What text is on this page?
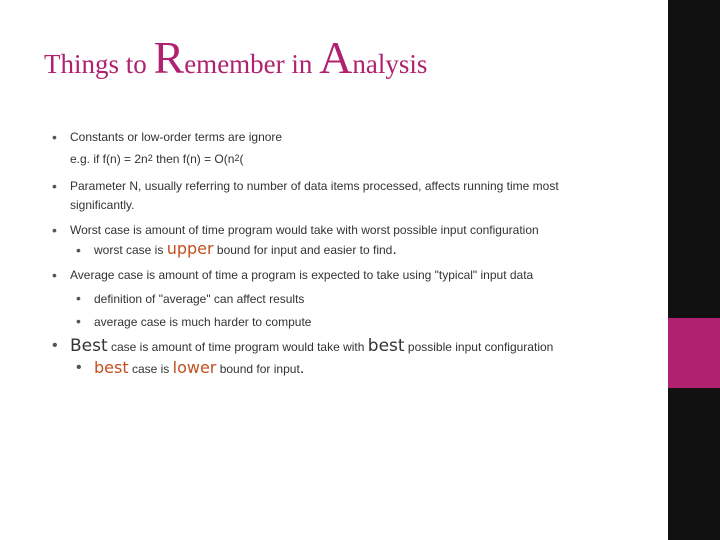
Things to Remember in Analysis
• Constants or low-order terms are ignore
e.g. if $f(n) = 2n^2$ then $f(n) = O(n^2$(
• Parameter N, usually referring to number of data items processed, affects running time most
significantly.
• Worst case is amount of time program would take with worst possible input configuration
• worst case is upper bound for input and easier to find.
• Average case is amount of time a program is expected to take using "typical" input data
• definition of "average" can affect results
• average case is much harder to compute
• Best case is amount of time program would take with best possible input configuration
• best case is lower bound for input.
